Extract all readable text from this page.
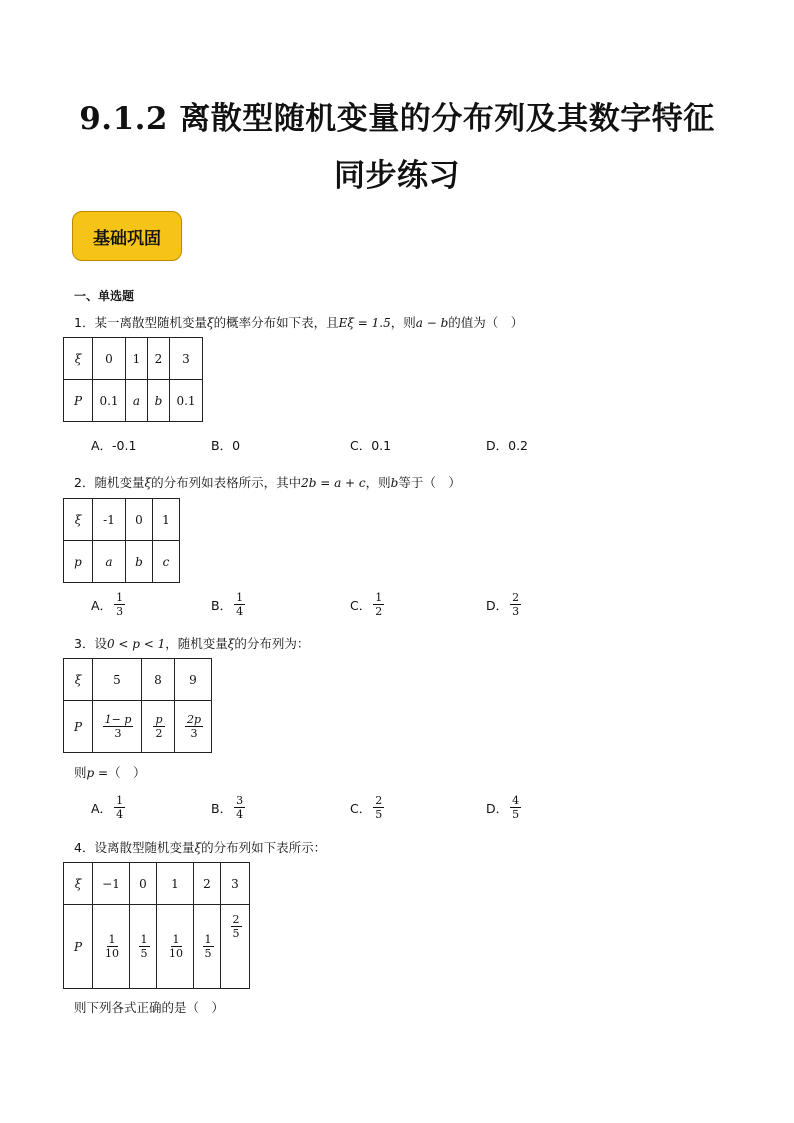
9.1.2 离散型随机变量的分布列及其数字特征
同步练习
基础巩固
一、单选题
1．某一离散型随机变量ξ的概率分布如下表，且Eξ = 1.5，则a − b的值为（　）
ξ	0	1	2	3
P	0.1	a	b	0.1
A．-0.1	B．0	C．0.1	D．0.2
2．随机变量ξ的分布列如表格所示，其中2b = a + c，则b等于（　）
ξ	-1	0	1
p	a	b	c
A． $\frac{1}{3}$	B． $\frac{1}{4}$	C． $\frac{1}{2}$	D． $\frac{2}{3}$
3．设0 < p < 1，随机变量ξ的分布列为：
ξ	5	8	9
P	$\frac{1- p}{3}$	$\frac{p}{2}$	$\frac{2p}{3}$
则p =（　）
A． $\frac{1}{4}$	B． $\frac{3}{4}$	C． $\frac{2}{5}$	D． $\frac{4}{5}$
4．设离散型随机变量ξ的分布列如下表所示：
ξ	−1	0	1	2	3
P	$\frac{1}{10}$	$\frac{1}{5}$	$\frac{1}{10}$	$\frac{1}{5}$	$\frac{2}{5}$
则下列各式正确的是（　）
